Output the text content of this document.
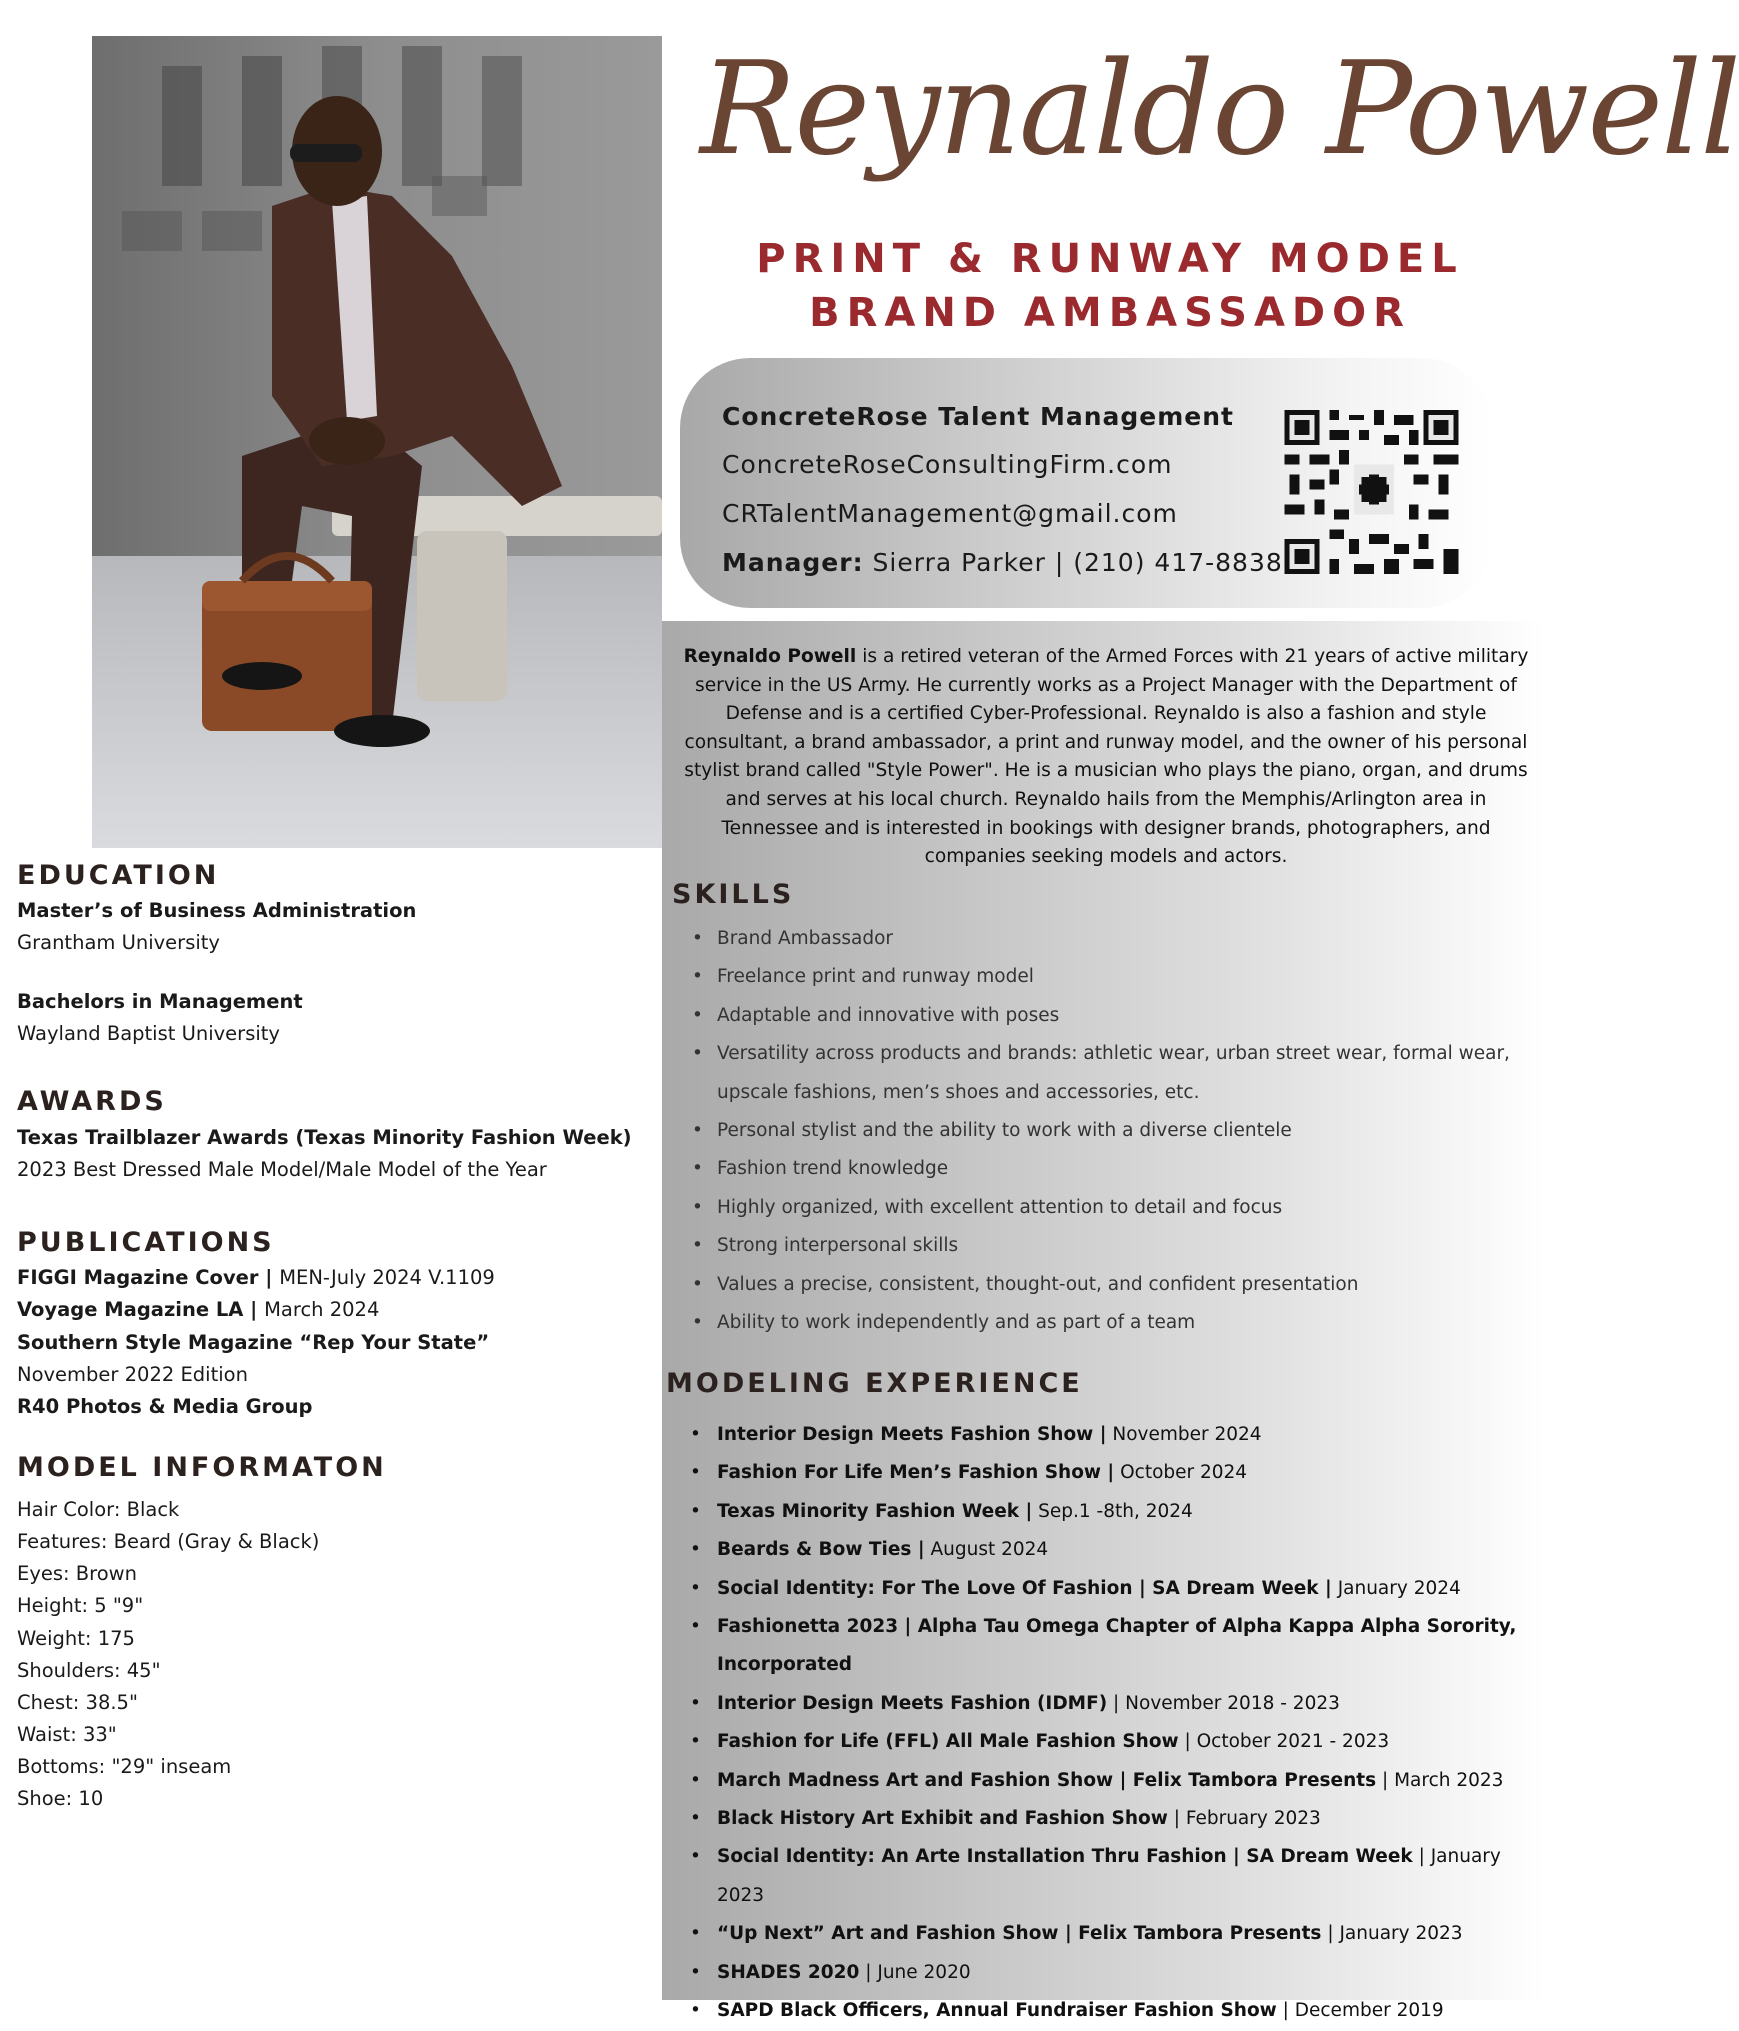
Reynaldo Powell
PRINT & RUNWAY MODEL
BRAND AMBASSADOR
ConcreteRose Talent Management
ConcreteRoseConsultingFirm.com
CRTalentManagement@gmail.com
Manager: Sierra Parker | (210) 417-8838

Reynaldo Powell is a retired veteran of the Armed Forces with 21 years of active military service in the US Army. He currently works as a Project Manager with the Department of Defense and is a certified Cyber-Professional. Reynaldo is also a fashion and style consultant, a brand ambassador, a print and runway model, and the owner of his personal stylist brand called "Style Power". He is a musician who plays the piano, organ, and drums and serves at his local church. Reynaldo hails from the Memphis/Arlington area in Tennessee and is interested in bookings with designer brands, photographers, and companies seeking models and actors.

EDUCATION
Master’s of Business Administration
Grantham University
Bachelors in Management
Wayland Baptist University
AWARDS
Texas Trailblazer Awards (Texas Minority Fashion Week)
2023 Best Dressed Male Model/Male Model of the Year
PUBLICATIONS
FIGGI Magazine Cover | MEN-July 2024 V.1109
Voyage Magazine LA | March 2024
Southern Style Magazine “Rep Your State”
November 2022 Edition
R40 Photos & Media Group
MODEL INFORMATON
Hair Color: Black
Features: Beard (Gray & Black)
Eyes: Brown
Height: 5 "9"
Weight: 175
Shoulders: 45"
Chest: 38.5"
Waist: 33"
Bottoms: "29" inseam
Shoe: 10
SKILLS
• Brand Ambassador
• Freelance print and runway model
• Adaptable and innovative with poses
• Versatility across products and brands: athletic wear, urban street wear, formal wear, upscale fashions, men’s shoes and accessories, etc.
• Personal stylist and the ability to work with a diverse clientele
• Fashion trend knowledge
• Highly organized, with excellent attention to detail and focus
• Strong interpersonal skills
• Values a precise, consistent, thought-out, and confident presentation
• Ability to work independently and as part of a team
MODELING EXPERIENCE
• Interior Design Meets Fashion Show | November 2024
• Fashion For Life Men’s Fashion Show | October 2024
• Texas Minority Fashion Week | Sep.1 -8th, 2024
• Beards & Bow Ties | August 2024
• Social Identity: For The Love Of Fashion | SA Dream Week | January 2024
• Fashionetta 2023 | Alpha Tau Omega Chapter of Alpha Kappa Alpha Sorority, Incorporated
• Interior Design Meets Fashion (IDMF) | November 2018 - 2023
• Fashion for Life (FFL) All Male Fashion Show | October 2021 - 2023
• March Madness Art and Fashion Show | Felix Tambora Presents | March 2023
• Black History Art Exhibit and Fashion Show | February 2023
• Social Identity: An Arte Installation Thru Fashion | SA Dream Week | January 2023
• “Up Next” Art and Fashion Show | Felix Tambora Presents | January 2023
• SHADES 2020 | June 2020
• SAPD Black Officers, Annual Fundraiser Fashion Show | December 2019
